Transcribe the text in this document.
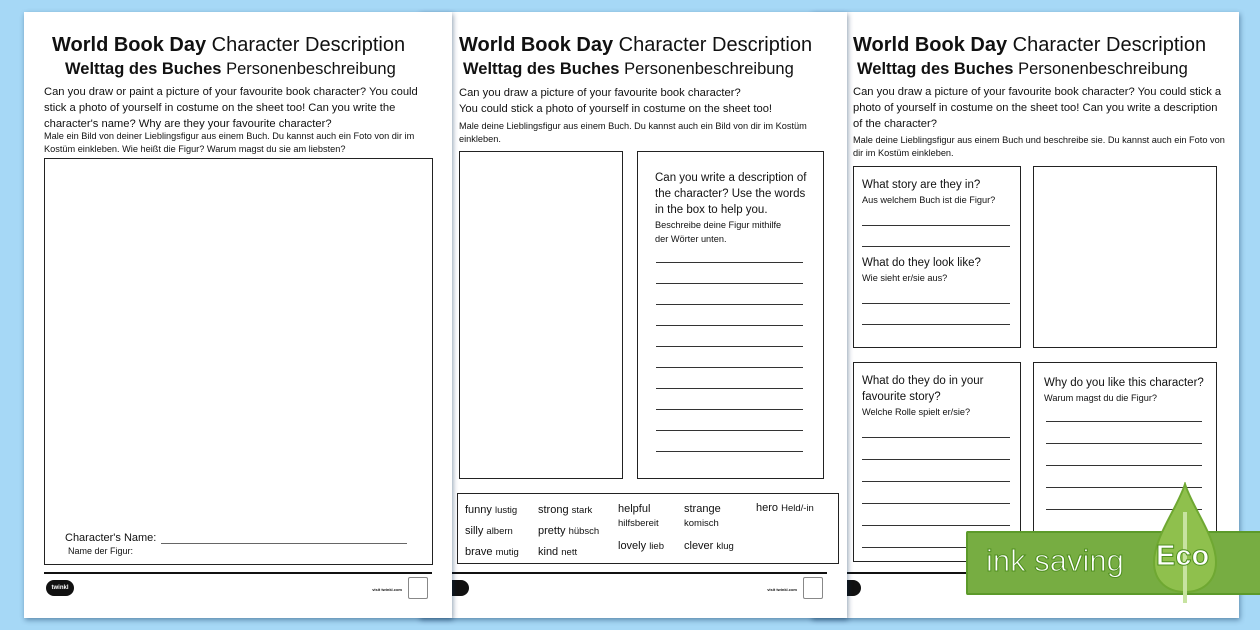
World Book Day Character Description
Welttag des Buches Personenbeschreibung
Can you draw a picture of your favourite book character? You could stick a photo of yourself in costume on the sheet too! Can you write a description of the character?
Male deine Lieblingsfigur aus einem Buch und beschreibe sie. Du kannst auch ein Foto von dir im Kostüm einkleben.
What story are they in?
Aus welchem Buch ist die Figur?
What do they look like?
Wie sieht er/sie aus?
What do they do in your favourite story?
Welche Rolle spielt er/sie?
Why do you like this character?
Warum magst du die Figur?
World Book Day Character Description
Welttag des Buches Personenbeschreibung
Can you draw a picture of your favourite book character?
You could stick a photo of yourself in costume on the sheet too!
Male deine Lieblingsfigur aus einem Buch. Du kannst auch ein Bild von dir im Kostüm einkleben.
Can you write a description of the character? Use the words in the box to help you.
Beschreibe deine Figur mithilfe der Wörter unten.
funny lustig
silly albern
brave mutig
strong stark
pretty hübsch
kind nett
helpful
hilfsbereit
lovely lieb
strange
komisch
clever klug
hero Held/-in
visit twinkl.com
World Book Day Character Description
Welttag des Buches Personenbeschreibung
Can you draw or paint a picture of your favourite book character? You could stick a photo of yourself in costume on the sheet too! Can you write the character's name? Why are they your favourite character?
Male ein Bild von deiner Lieblingsfigur aus einem Buch. Du kannst auch ein Foto von dir im Kostüm einkleben. Wie heißt die Figur? Warum magst du sie am liebsten?
Character's Name:
Name der Figur:
twinkl	visit twinkl.com
ink saving Eco
